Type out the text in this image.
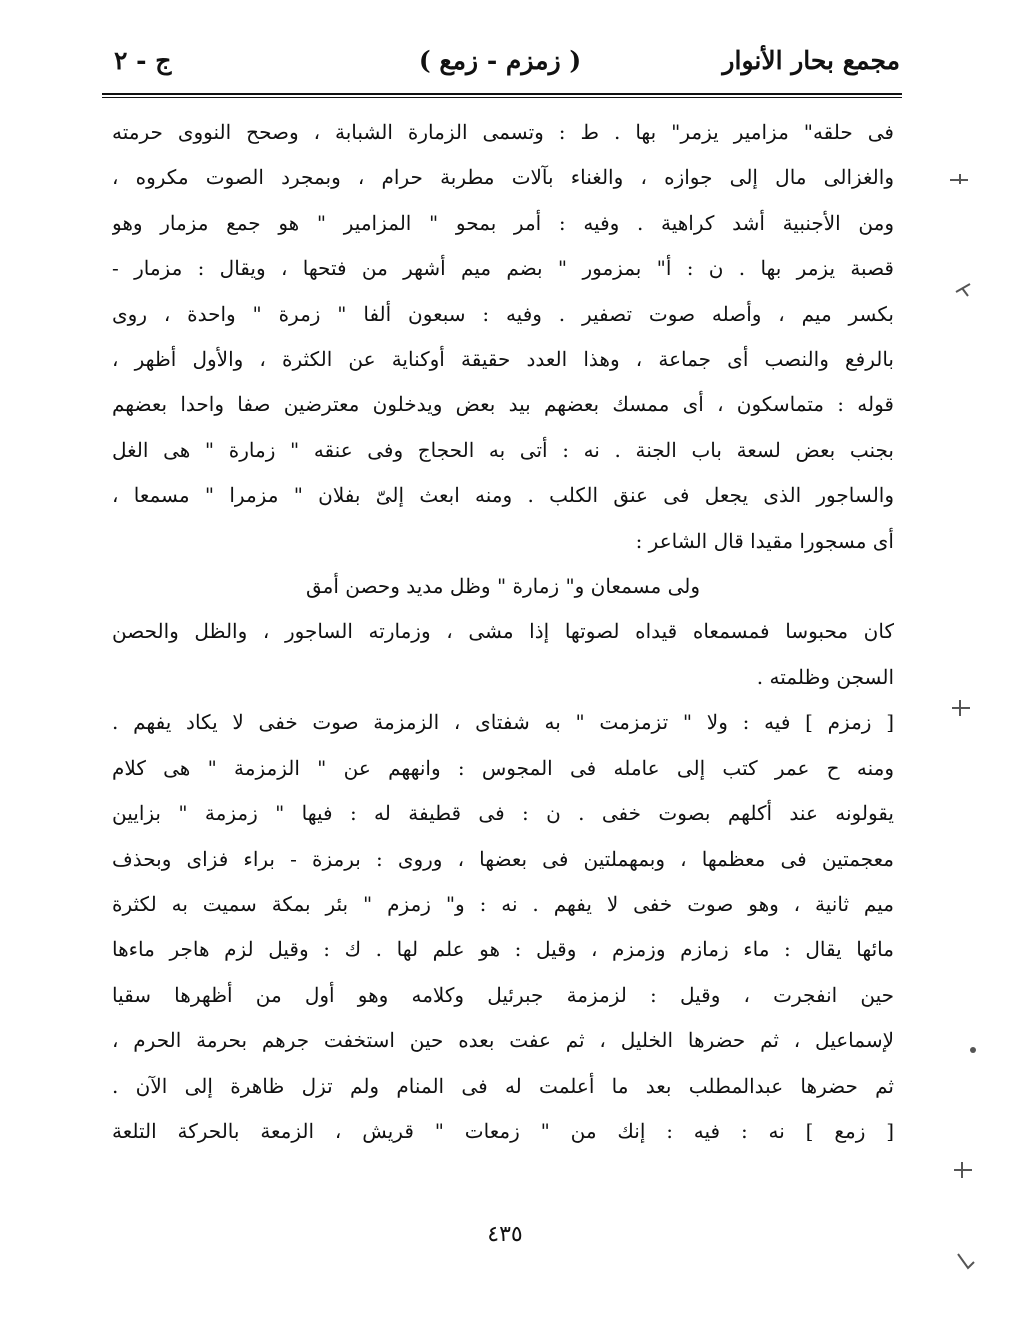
مجمع بحار الأنوار
( زمزم - زمع )
ج - ٢
فى حلقه" مزامير يزمر" بها . ط : وتسمى الزمارة الشبابة ، وصحح النووى حرمته
والغزالى مال إلى جوازه ، والغناء بآلات مطربة حرام ، وبمجرد الصوت مكروه ،
ومن الأجنبية أشد كراهية . وفيه : أمر بمحو " المزامير " هو جمع مزمار وهو
قصبة يزمر بها . ن : أ" بمزمور " بضم ميم أشهر من فتحها ، ويقال : مزمار -
بكسر ميم ، وأصله صوت تصفير . وفيه : سبعون ألفا " زمرة " واحدة ، روى
بالرفع والنصب أى جماعة ، وهذا العدد حقيقة أوكناية عن الكثرة ، والأول أظهر ،
قوله : متماسكون ، أى ممسك بعضهم بيد بعض ويدخلون معترضين صفا واحدا بعضهم
بجنب بعض لسعة باب الجنة . نه : أتى به الحجاج وفى عنقه " زمارة " هى الغل
والساجور الذى يجعل فى عنق الكلب . ومنه ابعث إلىّ بفلان " مزمرا " مسمعا ،
أى مسجورا مقيدا قال الشاعر :
ولى مسمعان و" زمارة " وظل مديد وحصن أمق
كان محبوسا فمسمعاه قيداه لصوتها إذا مشى ، وزمارته الساجور ، والظل والحصن
السجن وظلمته .
[ زمزم ] فيه : ولا " تزمزمت " به شفتاى ، الزمزمة صوت خفى لا يكاد يفهم .
ومنه ح عمر كتب إلى عامله فى المجوس : وانههم عن " الزمزمة " هى كلام
يقولونه عند أكلهم بصوت خفى . ن : فى قطيفة له : فيها " زمزمة " بزايين
معجمتين فى معظمها ، وبمهملتين فى بعضها ، وروى : برمزة - براء فزاى وبحذف
ميم ثانية ، وهو صوت خفى لا يفهم . نه : و" زمزم " بئر بمكة سميت به لكثرة
مائها يقال : ماء زمازم وزمزم ، وقيل : هو علم لها . ك : وقيل لزم هاجر ماءها
حين انفجرت ، وقيل : لزمزمة جبرئيل وكلامه وهو أول من أظهرها سقيا
لإسماعيل ، ثم حضرها الخليل ، ثم عفت بعده حين استخفت جرهم بحرمة الحرم ،
ثم حضرها عبدالمطلب بعد ما أعلمت له فى المنام ولم تزل ظاهرة إلى الآن .
[ زمع ] نه : فيه : إنك من " زمعات " قريش ، الزمعة بالحركة التلعة
٤٣٥
